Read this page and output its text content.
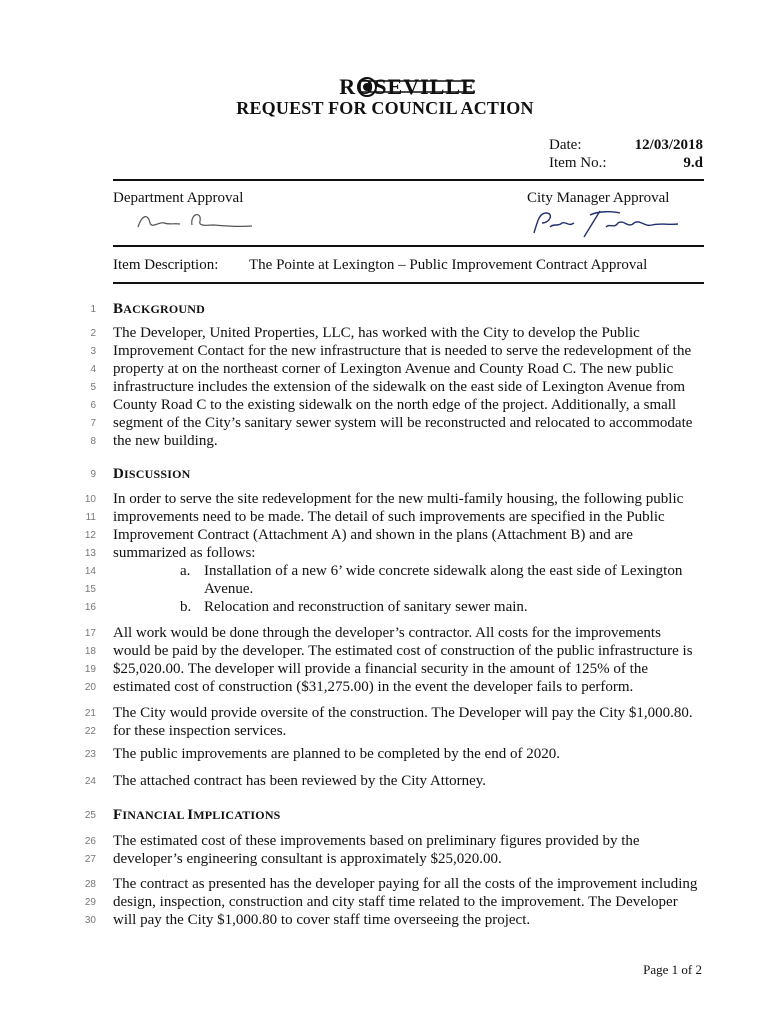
ROSEVILLE
REQUEST FOR COUNCIL ACTION
Date:	12/03/2018
Item No.:	9.d
Department Approval	City Manager Approval
Item Description: The Pointe at Lexington – Public Improvement Contract Approval
1
2
3
4
5
6
7
8
9
10
11
12
13
14
15
16
17
18
19
20
21
22
23
24
25
26
27
28
29
30
BACKGROUND
The Developer, United Properties, LLC, has worked with the City to develop the Public
Improvement Contact for the new infrastructure that is needed to serve the redevelopment of the
property at on the northeast corner of Lexington Avenue and County Road C. The new public
infrastructure includes the extension of the sidewalk on the east side of Lexington Avenue from
County Road C to the existing sidewalk on the north edge of the project. Additionally, a small
segment of the City’s sanitary sewer system will be reconstructed and relocated to accommodate
the new building.
DISCUSSION
In order to serve the site redevelopment for the new multi-family housing, the following public
improvements need to be made. The detail of such improvements are specified in the Public
Improvement Contract (Attachment A) and shown in the plans (Attachment B) and are
summarized as follows:
a. Installation of a new 6’ wide concrete sidewalk along the east side of Lexington
Avenue.
b. Relocation and reconstruction of sanitary sewer main.
All work would be done through the developer’s contractor. All costs for the improvements
would be paid by the developer. The estimated cost of construction of the public infrastructure is
$25,020.00. The developer will provide a financial security in the amount of 125% of the
estimated cost of construction ($31,275.00) in the event the developer fails to perform.
The City would provide oversite of the construction. The Developer will pay the City $1,000.80.
for these inspection services.
The public improvements are planned to be completed by the end of 2020.
The attached contract has been reviewed by the City Attorney.
FINANCIAL IMPLICATIONS
The estimated cost of these improvements based on preliminary figures provided by the
developer’s engineering consultant is approximately $25,020.00.
The contract as presented has the developer paying for all the costs of the improvement including
design, inspection, construction and city staff time related to the improvement. The Developer
will pay the City $1,000.80 to cover staff time overseeing the project.
Page 1 of 2
